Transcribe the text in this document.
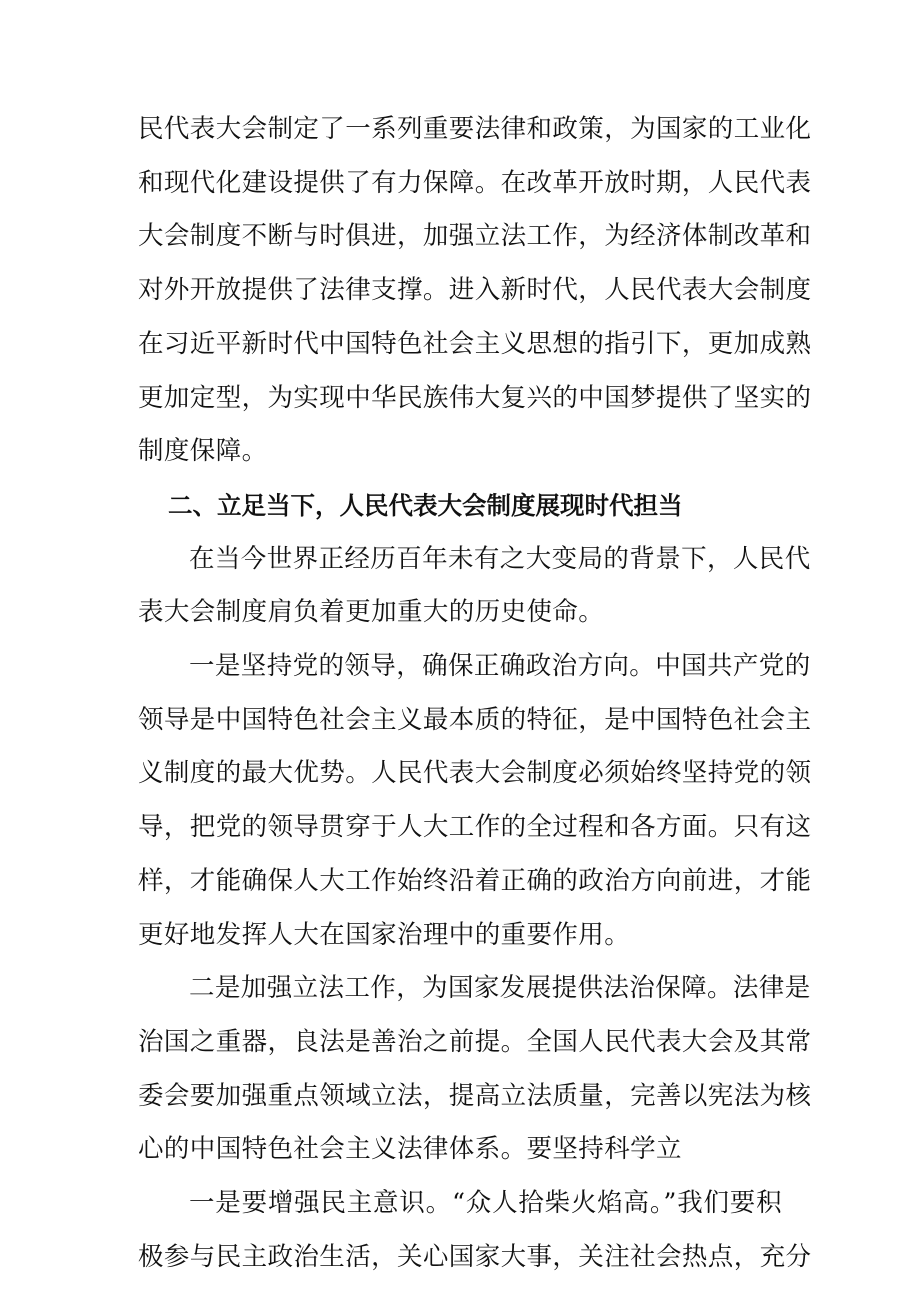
民代表大会制定了一系列重要法律和政策，为国家的工业化
和现代化建设提供了有力保障。在改革开放时期，人民代表
大会制度不断与时俱进，加强立法工作，为经济体制改革和
对外开放提供了法律支撑。进入新时代，人民代表大会制度
在习近平新时代中国特色社会主义思想的指引下，更加成熟
更加定型，为实现中华民族伟大复兴的中国梦提供了坚实的
制度保障。
二、立足当下，人民代表大会制度展现时代担当
在当今世界正经历百年未有之大变局的背景下，人民代
表大会制度肩负着更加重大的历史使命。
一是坚持党的领导，确保正确政治方向。中国共产党的
领导是中国特色社会主义最本质的特征，是中国特色社会主
义制度的最大优势。人民代表大会制度必须始终坚持党的领
导，把党的领导贯穿于人大工作的全过程和各方面。只有这
样，才能确保人大工作始终沿着正确的政治方向前进，才能
更好地发挥人大在国家治理中的重要作用。
二是加强立法工作，为国家发展提供法治保障。法律是
治国之重器，良法是善治之前提。全国人民代表大会及其常
委会要加强重点领域立法，提高立法质量，完善以宪法为核
心的中国特色社会主义法律体系。要坚持科学立
一是要增强民主意识。“众人拾柴火焰高。”我们要积
极参与民主政治生活，关心国家大事，关注社会热点，充分
